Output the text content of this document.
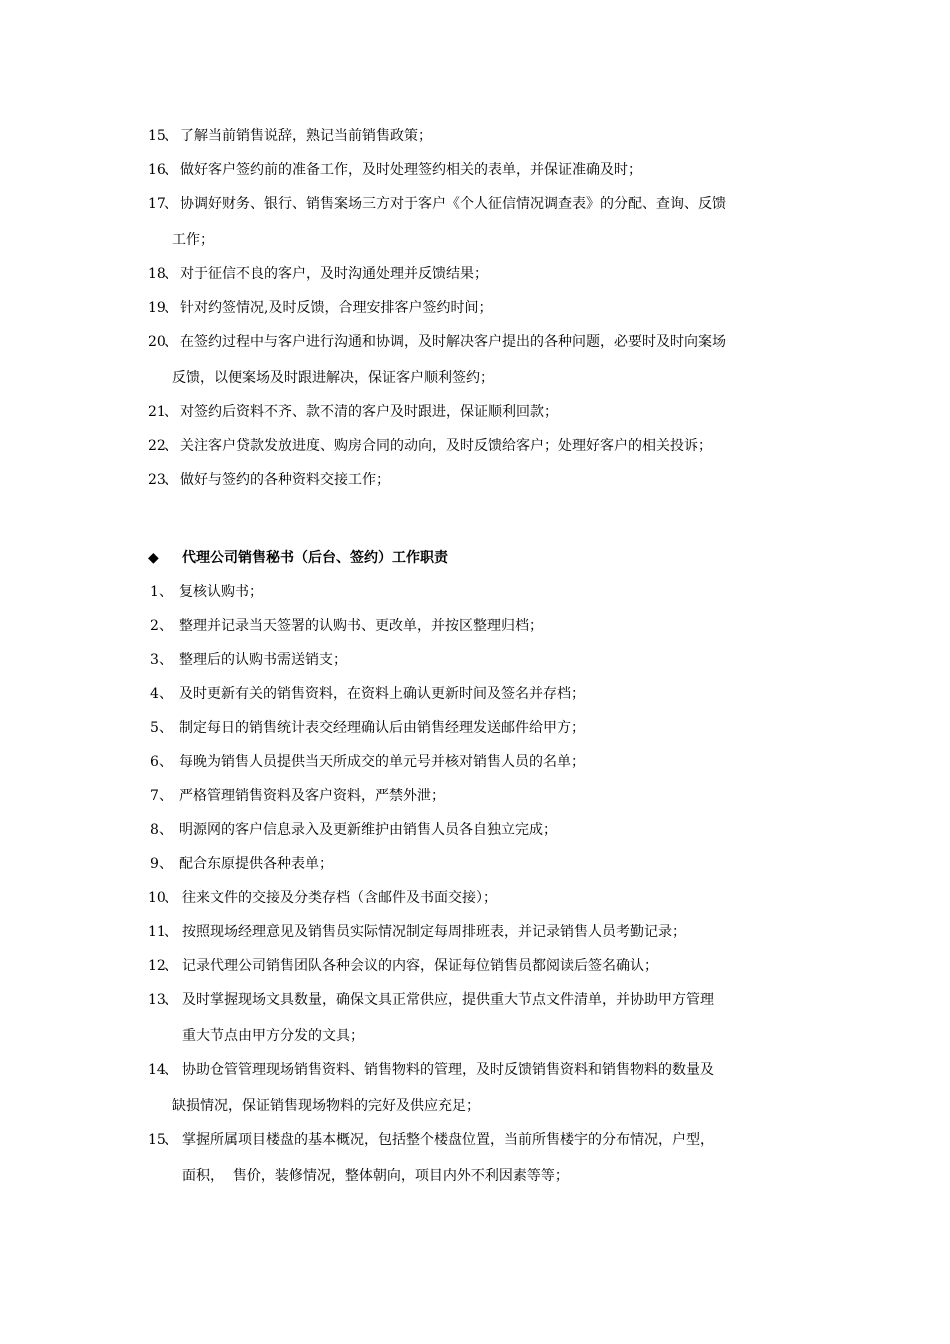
15
、 了解当前销售说辞，熟记当前销售政策；
16
、 做好客户签约前的准备工作，及时处理签约相关的表单，并保证准确及时；
17
、 协调好财务、银行、销售案场三方对于客户《个人征信情况调查表》的分配、查询、反馈
工作；
18
、 对于征信不良的客户，及时沟通处理并反馈结果；
19
、 针对约签情况,及时反馈，合理安排客户签约时间；
20
、 在签约过程中与客户进行沟通和协调，及时解决客户提出的各种问题，必要时及时向案场
反馈，以便案场及时跟进解决，保证客户顺利签约；
21
、 对签约后资料不齐、款不清的客户及时跟进，保证顺利回款；
22
、 关注客户贷款发放进度、购房合同的动向，及时反馈给客户；处理好客户的相关投诉；
23
、 做好与签约的各种资料交接工作；
◆ 代理公司销售秘书（后台、签约）工作职责
1 、 复核认购书；
2 、 整理并记录当天签署的认购书、更改单，并按区整理归档；
3 、 整理后的认购书需送销支；
4 、 及时更新有关的销售资料，在资料上确认更新时间及签名并存档；
5 、 制定每日的销售统计表交经理确认后由销售经理发送邮件给甲方；
6 、 每晚为销售人员提供当天所成交的单元号并核对销售人员的名单；
7 、 严格管理销售资料及客户资料，严禁外泄；
8 、 明源网的客户信息录入及更新维护由销售人员各自独立完成；
9 、 配合东原提供各种表单；
10
、 往来文件的交接及分类存档（含邮件及书面交接）；
11
、 按照现场经理意见及销售员实际情况制定每周排班表，并记录销售人员考勤记录；
12
、 记录代理公司销售团队各种会议的内容，保证每位销售员都阅读后签名确认；
13
、 及时掌握现场文具数量，确保文具正常供应，提供重大节点文件清单，并协助甲方管理
重大节点由甲方分发的文具；
14
、 协助仓管管理现场销售资料、销售物料的管理，及时反馈销售资料和销售物料的数量及
缺损情况，保证销售现场物料的完好及供应充足；
15
、 掌握所属项目楼盘的基本概况，包括整个楼盘位置，当前所售楼宇的分布情况，户型，
面积，  售价，装修情况，整体朝向，项目内外不利因素等等；
